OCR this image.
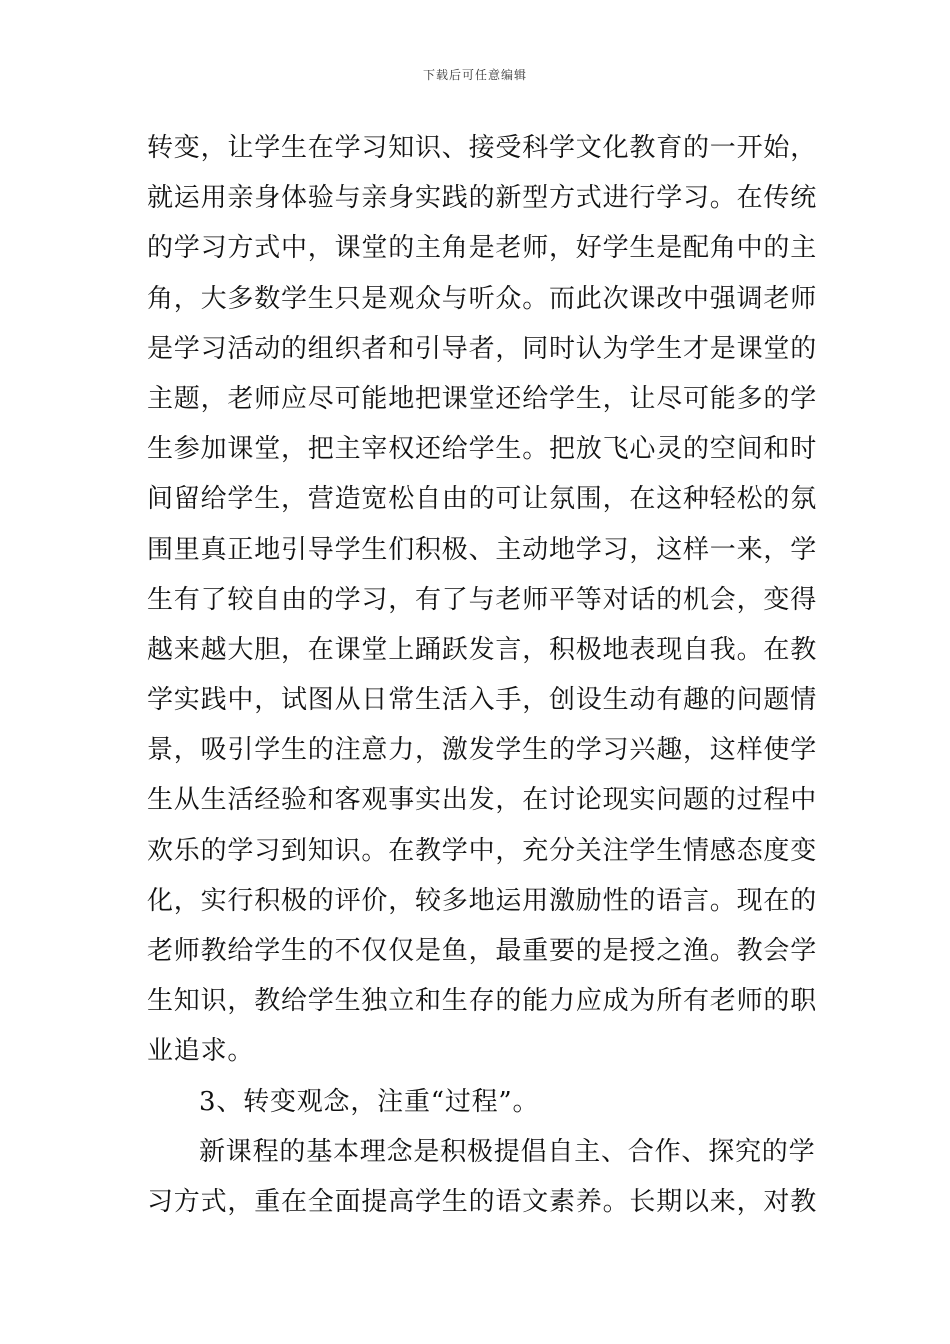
下载后可任意编辑
转变，让学生在学习知识、接受科学文化教育的一开始，
就运用亲身体验与亲身实践的新型方式进行学习。在传统
的学习方式中，课堂的主角是老师，好学生是配角中的主
角，大多数学生只是观众与听众。而此次课改中强调老师
是学习活动的组织者和引导者，同时认为学生才是课堂的
主题，老师应尽可能地把课堂还给学生，让尽可能多的学
生参加课堂，把主宰权还给学生。把放飞心灵的空间和时
间留给学生，营造宽松自由的可让氛围，在这种轻松的氛
围里真正地引导学生们积极、主动地学习，这样一来，学
生有了较自由的学习，有了与老师平等对话的机会，变得
越来越大胆，在课堂上踊跃发言，积极地表现自我。在教
学实践中，试图从日常生活入手，创设生动有趣的问题情
景，吸引学生的注意力，激发学生的学习兴趣，这样使学
生从生活经验和客观事实出发，在讨论现实问题的过程中
欢乐的学习到知识。在教学中，充分关注学生情感态度变
化，实行积极的评价，较多地运用激励性的语言。现在的
老师教给学生的不仅仅是鱼，最重要的是授之渔。教会学
生知识，教给学生独立和生存的能力应成为所有老师的职
业追求。
3、转变观念，注重“过程”。
新课程的基本理念是积极提倡自主、合作、探究的学
习方式，重在全面提高学生的语文素养。长期以来，对教
